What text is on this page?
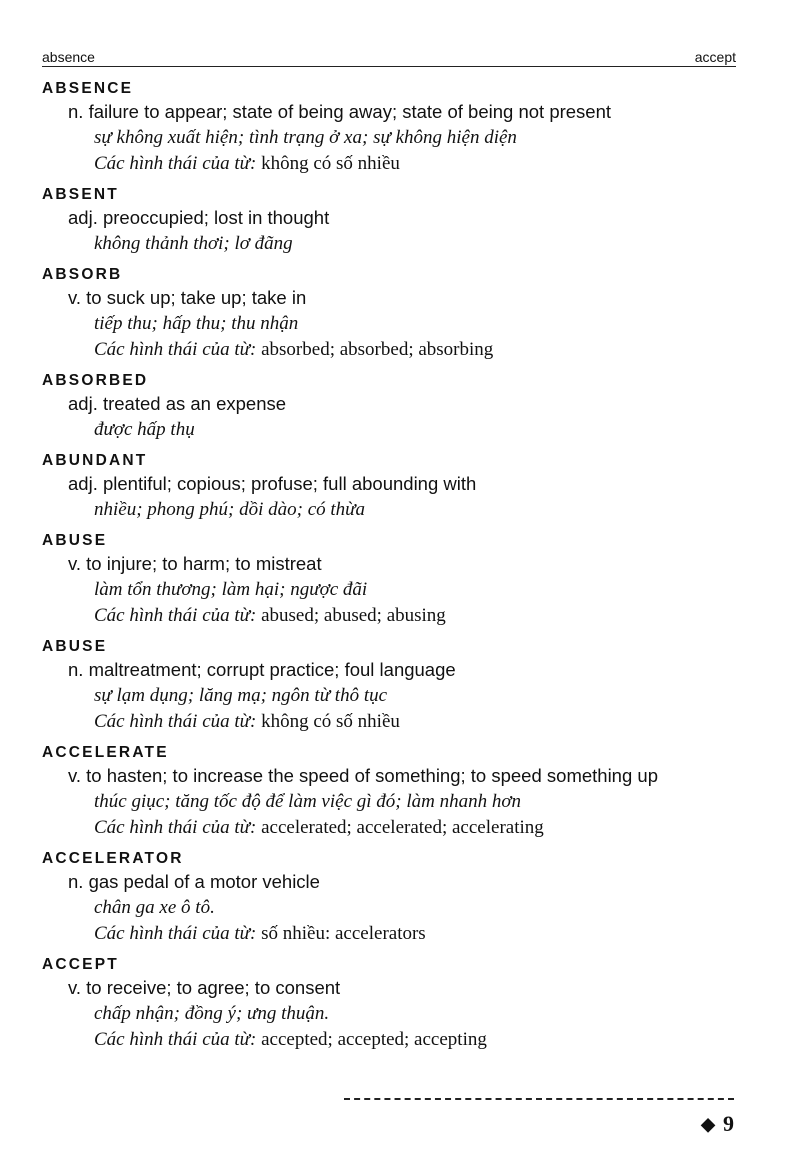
absence	accept
ABSENCE
n. failure to appear; state of being away; state of being not present
sự không xuất hiện; tình trạng ở xa; sự không hiện diện
Các hình thái của từ: không có số nhiều
ABSENT
adj. preoccupied; lost in thought
không thảnh thơi; lơ đãng
ABSORB
v. to suck up; take up; take in
tiếp thu; hấp thu; thu nhận
Các hình thái của từ: absorbed; absorbed; absorbing
ABSORBED
adj. treated as an expense
được hấp thụ
ABUNDANT
adj. plentiful; copious; profuse; full abounding with
nhiều; phong phú; dồi dào; có thừa
ABUSE
v. to injure; to harm; to mistreat
làm tổn thương; làm hại; ngược đãi
Các hình thái của từ: abused; abused; abusing
ABUSE
n. maltreatment; corrupt practice; foul language
sự lạm dụng; lăng mạ; ngôn từ thô tục
Các hình thái của từ: không có số nhiều
ACCELERATE
v. to hasten; to increase the speed of something; to speed something up
thúc giục; tăng tốc độ để làm việc gì đó; làm nhanh hơn
Các hình thái của từ: accelerated; accelerated; accelerating
ACCELERATOR
n. gas pedal of a motor vehicle
chân ga xe ô tô.
Các hình thái của từ: số nhiều: accelerators
ACCEPT
v. to receive; to agree; to consent
chấp nhận; đồng ý; ưng thuận.
Các hình thái của từ: accepted; accepted; accepting
◆ 9
